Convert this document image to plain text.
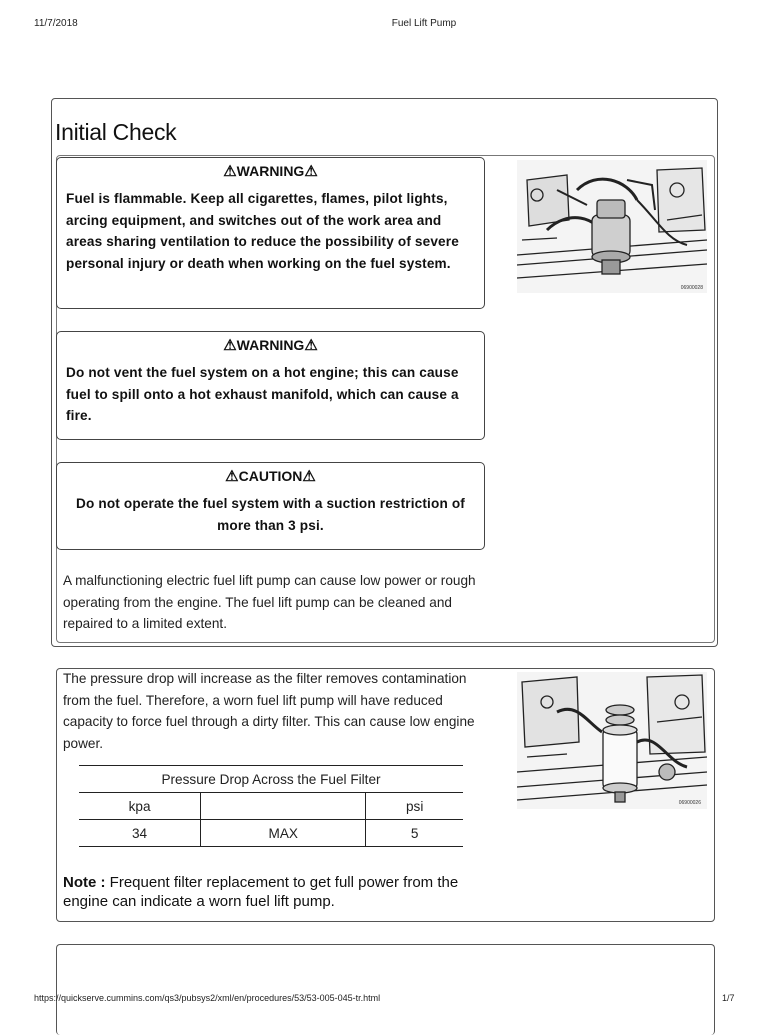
11/7/2018	Fuel Lift Pump
Initial Check
⚠WARNING⚠
Fuel is flammable. Keep all cigarettes, flames, pilot lights, arcing equipment, and switches out of the work area and areas sharing ventilation to reduce the possibility of severe personal injury or death when working on the fuel system.
⚠WARNING⚠
Do not vent the fuel system on a hot engine; this can cause fuel to spill onto a hot exhaust manifold, which can cause a fire.
⚠CAUTION⚠
Do not operate the fuel system with a suction restriction of more than 3 psi.
A malfunctioning electric fuel lift pump can cause low power or rough operating from the engine. The fuel lift pump can be cleaned and repaired to a limited extent.
06900028
The pressure drop will increase as the filter removes contamination from the fuel. Therefore, a worn fuel lift pump will have reduced capacity to force fuel through a dirty filter. This can cause low engine power.
Pressure Drop Across the Fuel Filter		
kpa		psi
34	MAX	5
Note : Frequent filter replacement to get full power from the engine can indicate a worn fuel lift pump.
06900026
https://quickserve.cummins.com/qs3/pubsys2/xml/en/procedures/53/53-005-045-tr.html	1/7
